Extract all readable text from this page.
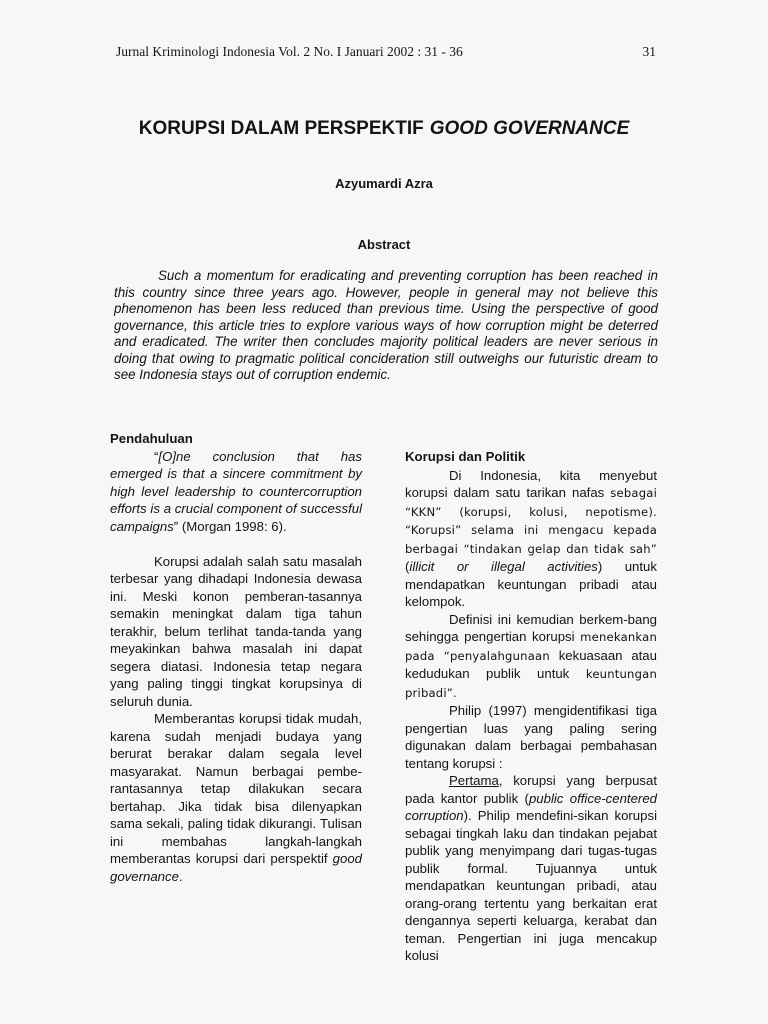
Jurnal Kriminologi Indonesia Vol. 2 No. I Januari 2002 : 31 - 36	31
KORUPSI DALAM PERSPEKTIF GOOD GOVERNANCE
Azyumardi Azra
Abstract

Such a momentum for eradicating and preventing corruption has been reached in this country since three years ago. However, people in general may not believe this phenomenon has been less reduced than previous time. Using the perspective of good governance, this article tries to explore various ways of how corruption might be deterred and eradicated. The writer then concludes majority political leaders are never serious in doing that owing to pragmatic political concideration still outweighs our futuristic dream to see Indonesia stays out of corruption endemic.

Pendahuluan

“[O]ne conclusion that has emerged is that a sincere commitment by high level leadership to countercorruption efforts is a crucial component of successful campaigns” (Morgan 1998: 6).

Korupsi adalah salah satu masalah terbesar yang dihadapi Indonesia dewasa ini. Meski konon pemberan-tasannya semakin meningkat dalam tiga tahun terakhir, belum terlihat tanda-tanda yang meyakinkan bahwa masalah ini dapat segera diatasi. Indonesia tetap negara yang paling tinggi tingkat korupsinya di seluruh dunia.

Memberantas korupsi tidak mudah, karena sudah menjadi budaya yang berurat berakar dalam segala level masyarakat. Namun berbagai pembe-rantasannya tetap dilakukan secara bertahap. Jika tidak bisa dilenyapkan sama sekali, paling tidak dikurangi. Tulisan ini membahas langkah-langkah memberantas korupsi dari perspektif good governance.

Korupsi dan Politik

Di Indonesia, kita menyebut korupsi dalam satu tarikan nafas sebagai “KKN” (korupsi, kolusi, nepotisme). “Korupsi” selama ini mengacu kepada berbagai “tindakan gelap dan tidak sah” (illicit or illegal activities) untuk mendapatkan keuntungan pribadi atau kelompok.

Definisi ini kemudian berkem-bang sehingga pengertian korupsi menekankan pada “penyalahgunaan kekuasaan atau kedudukan publik untuk keuntungan pribadi”.

Philip (1997) mengidentifikasi tiga pengertian luas yang paling sering digunakan dalam berbagai pembahasan tentang korupsi :

Pertama, korupsi yang berpusat pada kantor publik (public office-centered corruption). Philip mendefini-sikan korupsi sebagai tingkah laku dan tindakan pejabat publik yang menyimpang dari tugas-tugas publik formal. Tujuannya untuk mendapatkan keuntungan pribadi, atau orang-orang tertentu yang berkaitan erat dengannya seperti keluarga, kerabat dan teman. Pengertian ini juga mencakup kolusi
